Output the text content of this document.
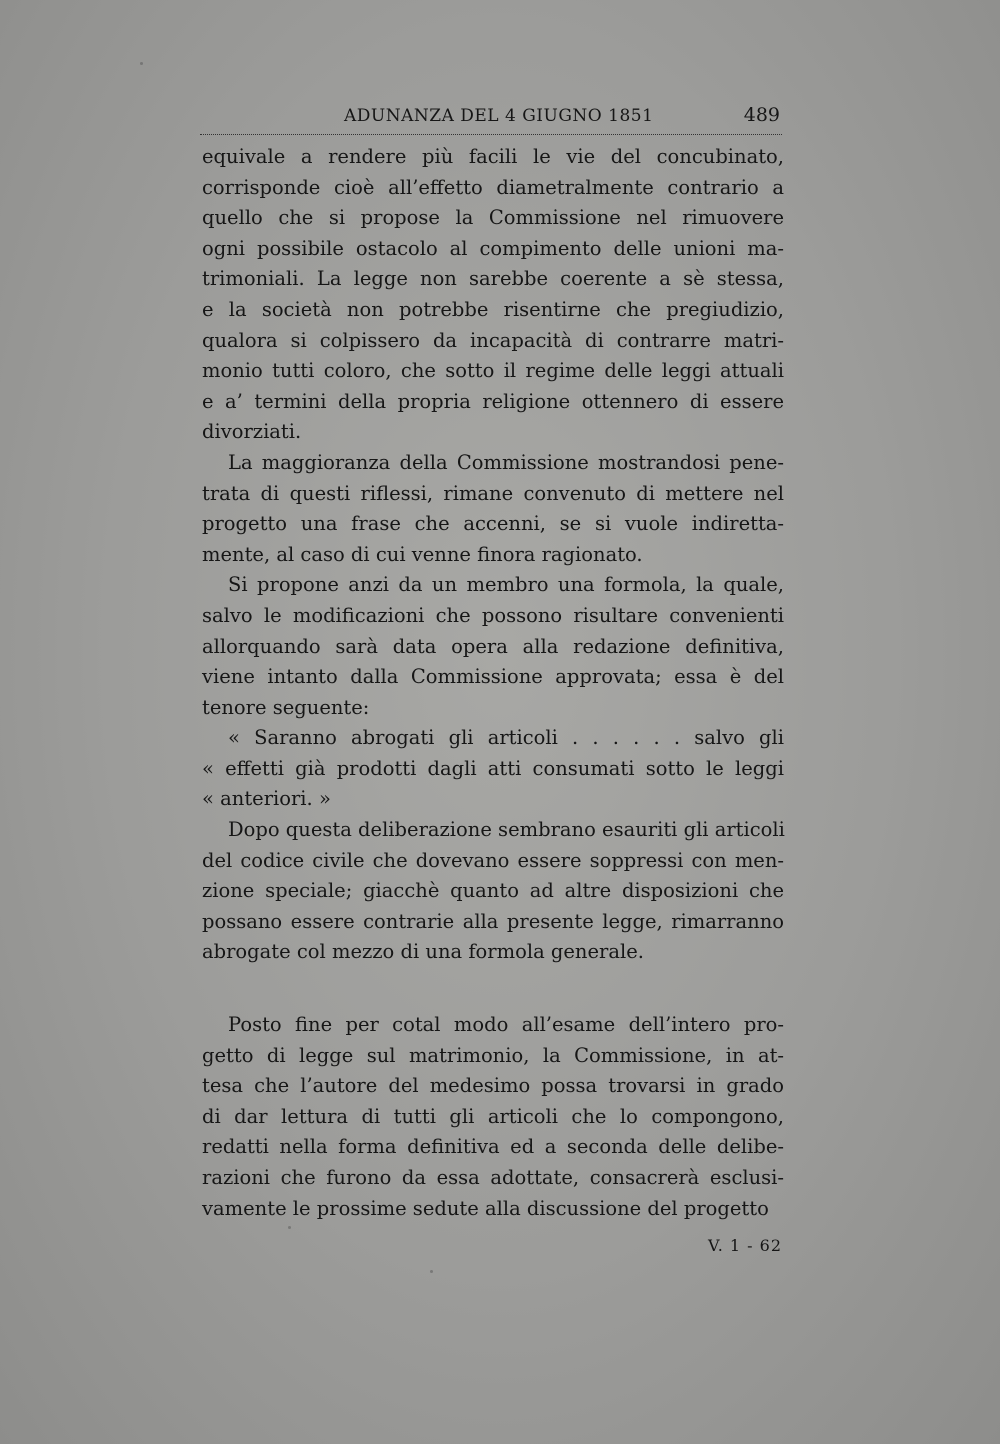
ADUNANZA DEL 4 GIUGNO 1851	489
equivale a rendere più facili le vie del concubinato,
corrisponde cioè all’effetto diametralmente contrario a
quello che si propose la Commissione nel rimuovere
ogni possibile ostacolo al compimento delle unioni ma-
trimoniali. La legge non sarebbe coerente a sè stessa,
e la società non potrebbe risentirne che pregiudizio,
qualora si colpissero da incapacità di contrarre matri-
monio tutti coloro, che sotto il regime delle leggi attuali
e a’ termini della propria religione ottennero di essere
divorziati.
La maggioranza della Commissione mostrandosi pene-
trata di questi riflessi, rimane convenuto di mettere nel
progetto una frase che accenni, se si vuole indiretta-
mente, al caso di cui venne finora ragionato.
Si propone anzi da un membro una formola, la quale,
salvo le modificazioni che possono risultare convenienti
allorquando sarà data opera alla redazione definitiva,
viene intanto dalla Commissione approvata; essa è del
tenore seguente:
« Saranno abrogati gli articoli . . . . . . salvo gli
« effetti già prodotti dagli atti consumati sotto le leggi
« anteriori. »
Dopo questa deliberazione sembrano esauriti gli articoli
del codice civile che dovevano essere soppressi con men-
zione speciale; giacchè quanto ad altre disposizioni che
possano essere contrarie alla presente legge, rimarranno
abrogate col mezzo di una formola generale.
Posto fine per cotal modo all’esame dell’intero pro-
getto di legge sul matrimonio, la Commissione, in at-
tesa che l’autore del medesimo possa trovarsi in grado
di dar lettura di tutti gli articoli che lo compongono,
redatti nella forma definitiva ed a seconda delle delibe-
razioni che furono da essa adottate, consacrerà esclusi-
vamente le prossime sedute alla discussione del progetto
V. 1 - 62
